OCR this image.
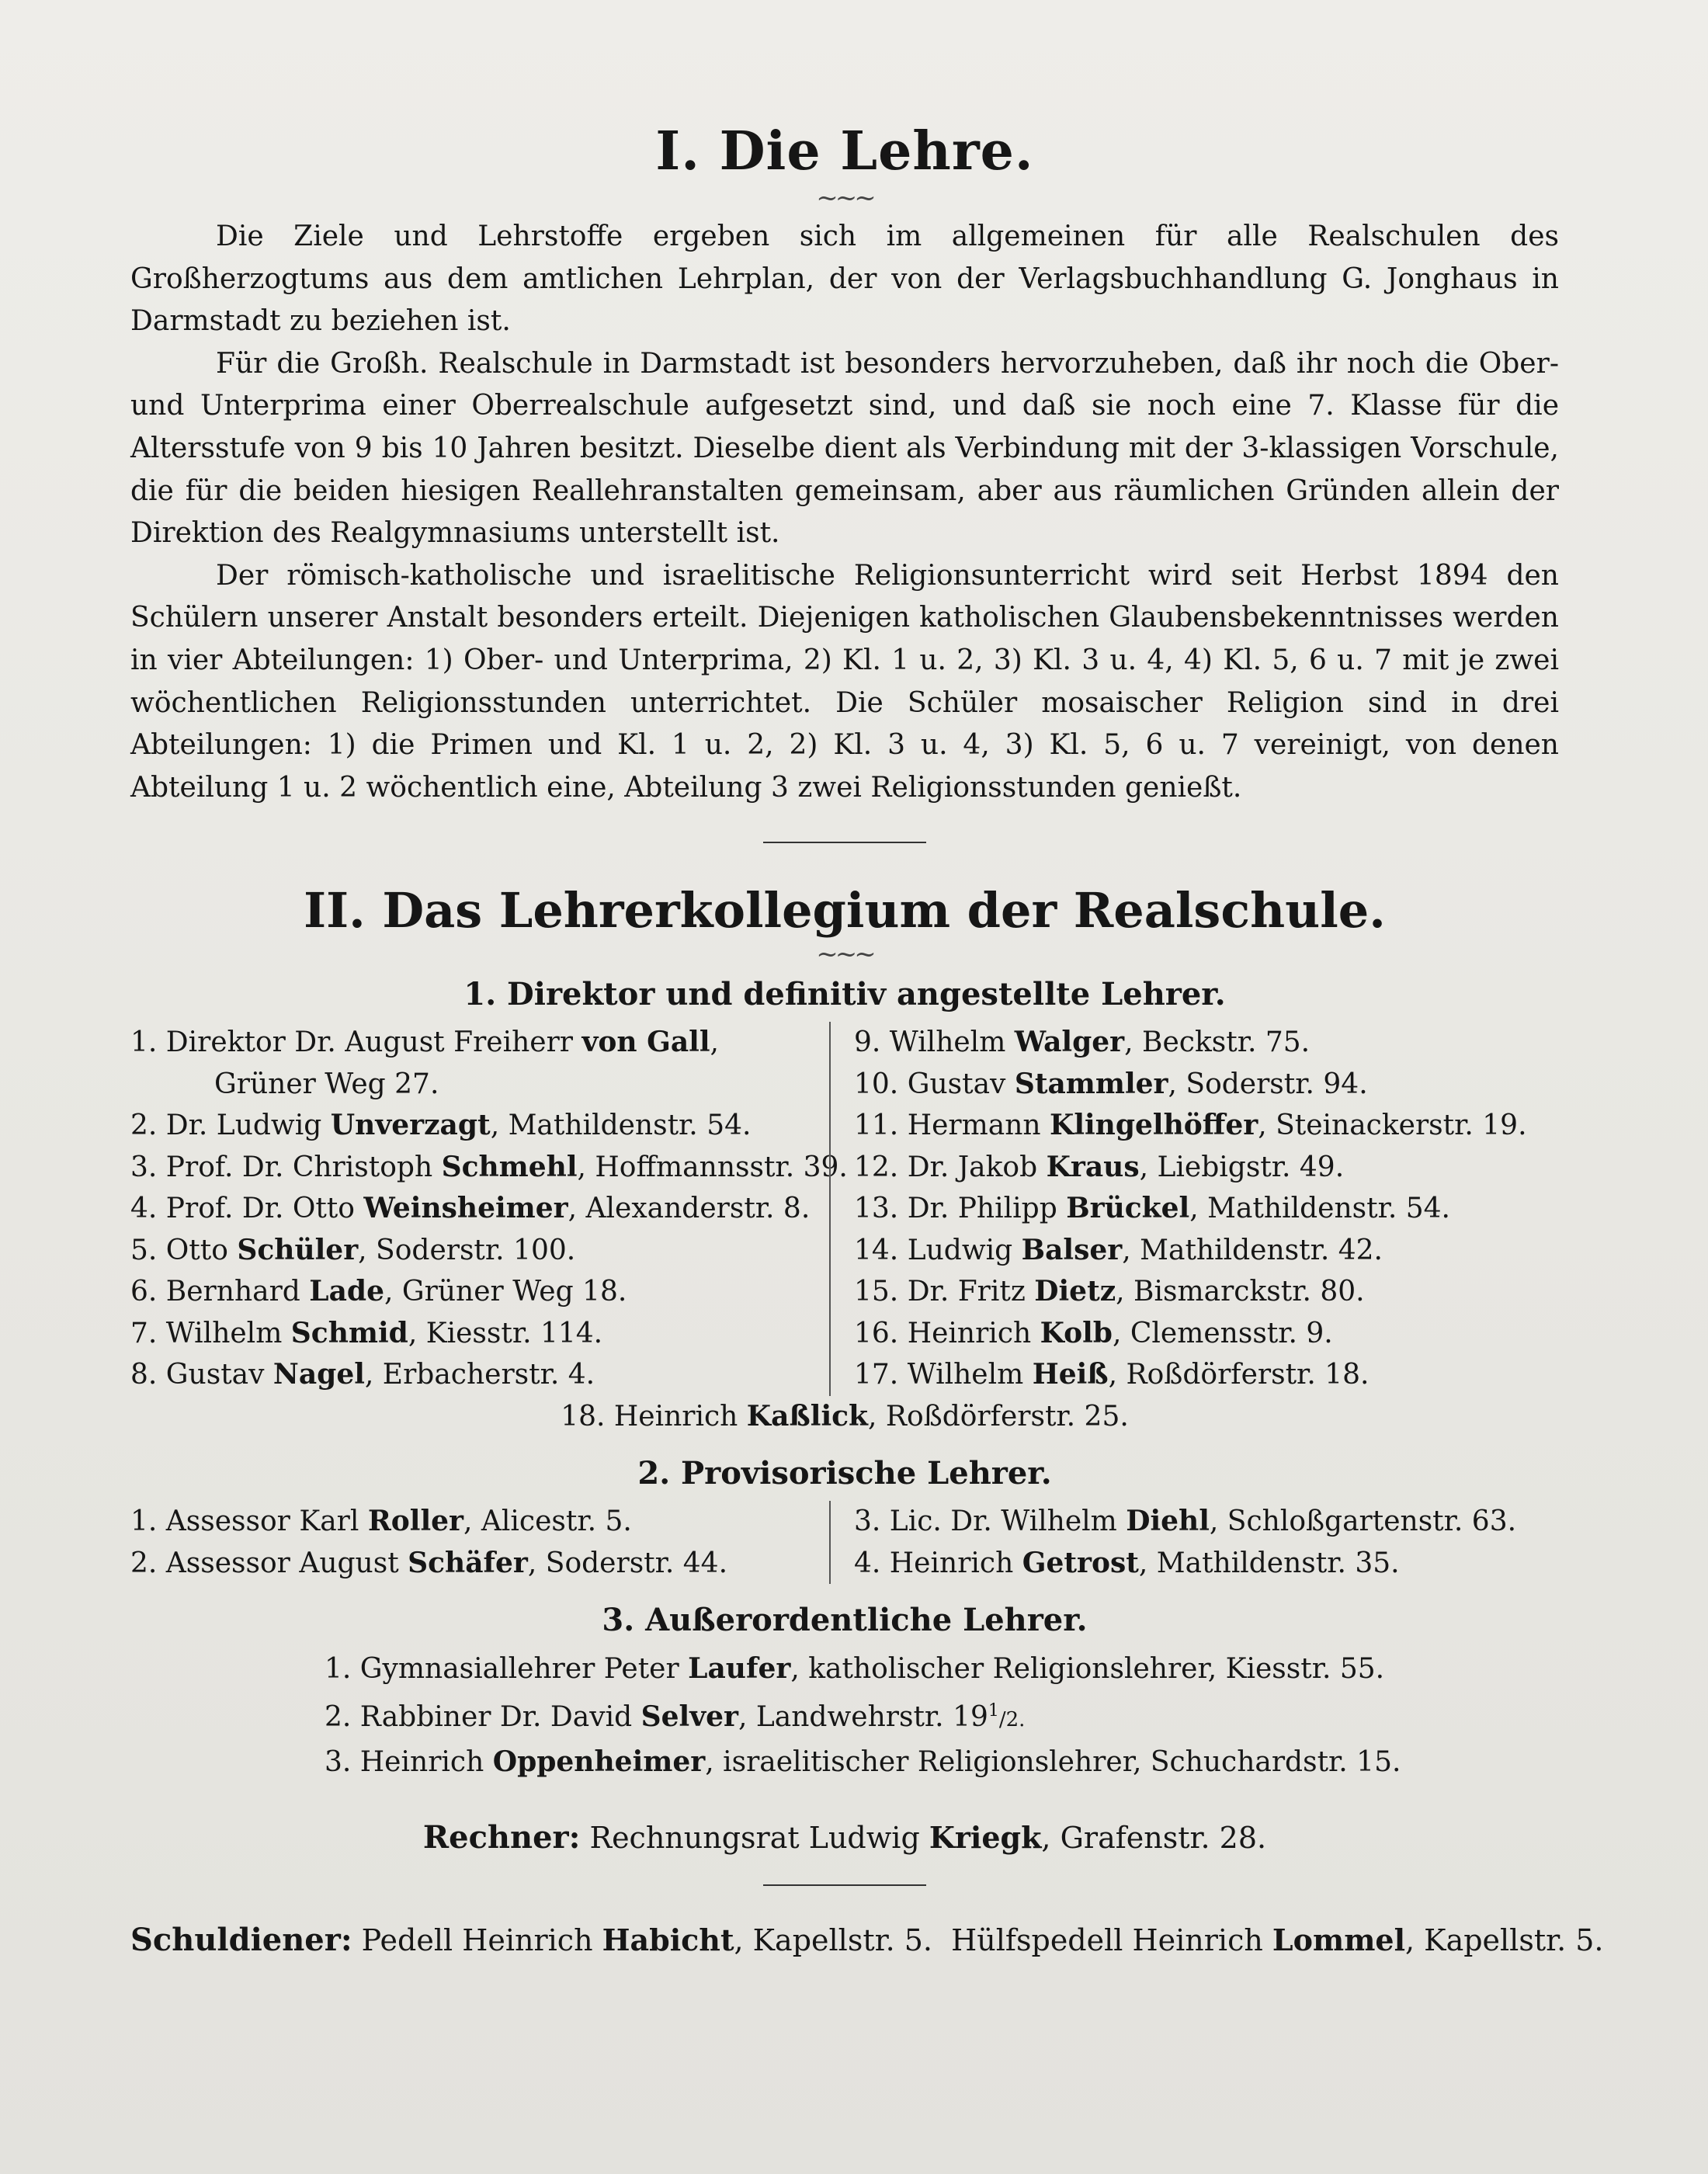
I. Die Lehre.
~~~

Die Ziele und Lehrstoffe ergeben sich im allgemeinen für alle Realschulen des Großherzogtums aus dem amtlichen Lehrplan, der von der Verlagsbuchhandlung G. Jonghaus in Darmstadt zu beziehen ist.

Für die Großh. Realschule in Darmstadt ist besonders hervorzuheben, daß ihr noch die Ober- und Unterprima einer Oberrealschule aufgesetzt sind, und daß sie noch eine 7. Klasse für die Altersstufe von 9 bis 10 Jahren besitzt. Dieselbe dient als Verbindung mit der 3-klassigen Vorschule, die für die beiden hiesigen Reallehranstalten gemeinsam, aber aus räumlichen Gründen allein der Direktion des Realgymnasiums unterstellt ist.

Der römisch-katholische und israelitische Religionsunterricht wird seit Herbst 1894 den Schülern unserer Anstalt besonders erteilt. Diejenigen katholischen Glaubensbekenntnisses werden in vier Abteilungen: 1) Ober- und Unterprima, 2) Kl. 1 u. 2, 3) Kl. 3 u. 4, 4) Kl. 5, 6 u. 7 mit je zwei wöchentlichen Religionsstunden unterrichtet. Die Schüler mosaischer Religion sind in drei Abteilungen: 1) die Primen und Kl. 1 u. 2, 2) Kl. 3 u. 4, 3) Kl. 5, 6 u. 7 vereinigt, von denen Abteilung 1 u. 2 wöchentlich eine, Abteilung 3 zwei Religionsstunden genießt.

II. Das Lehrerkollegium der Realschule.
~~~
1. Direktor und definitiv angestellte Lehrer.
1. Direktor Dr. August Freiherr von Gall,
Grüner Weg 27.
2. Dr. Ludwig Unverzagt, Mathildenstr. 54.
3. Prof. Dr. Christoph Schmehl, Hoffmannsstr. 39.
4. Prof. Dr. Otto Weinsheimer, Alexanderstr. 8.
5. Otto Schüler, Soderstr. 100.
6. Bernhard Lade, Grüner Weg 18.
7. Wilhelm Schmid, Kiesstr. 114.
8. Gustav Nagel, Erbacherstr. 4.
9. Wilhelm Walger, Beckstr. 75.
10. Gustav Stammler, Soderstr. 94.
11. Hermann Klingelhöffer, Steinackerstr. 19.
12. Dr. Jakob Kraus, Liebigstr. 49.
13. Dr. Philipp Brückel, Mathildenstr. 54.
14. Ludwig Balser, Mathildenstr. 42.
15. Dr. Fritz Dietz, Bismarckstr. 80.
16. Heinrich Kolb, Clemensstr. 9.
17. Wilhelm Heiß, Roßdörferstr. 18.
18. Heinrich Kaßlick, Roßdörferstr. 25.
2. Provisorische Lehrer.
1. Assessor Karl Roller, Alicestr. 5.
2. Assessor August Schäfer, Soderstr. 44.
3. Lic. Dr. Wilhelm Diehl, Schloßgartenstr. 63.
4. Heinrich Getrost, Mathildenstr. 35.
3. Außerordentliche Lehrer.
1. Gymnasiallehrer Peter Laufer, katholischer Religionslehrer, Kiesstr. 55.
2. Rabbiner Dr. David Selver, Landwehrstr. $19^1/2$.
3. Heinrich Oppenheimer, israelitischer Religionslehrer, Schuchardstr. 15.

Rechner: Rechnungsrat Ludwig Kriegk, Grafenstr. 28.

Schuldiener: Pedell Heinrich Habicht, Kapellstr. 5.  Hülfspedell Heinrich Lommel, Kapellstr. 5.
